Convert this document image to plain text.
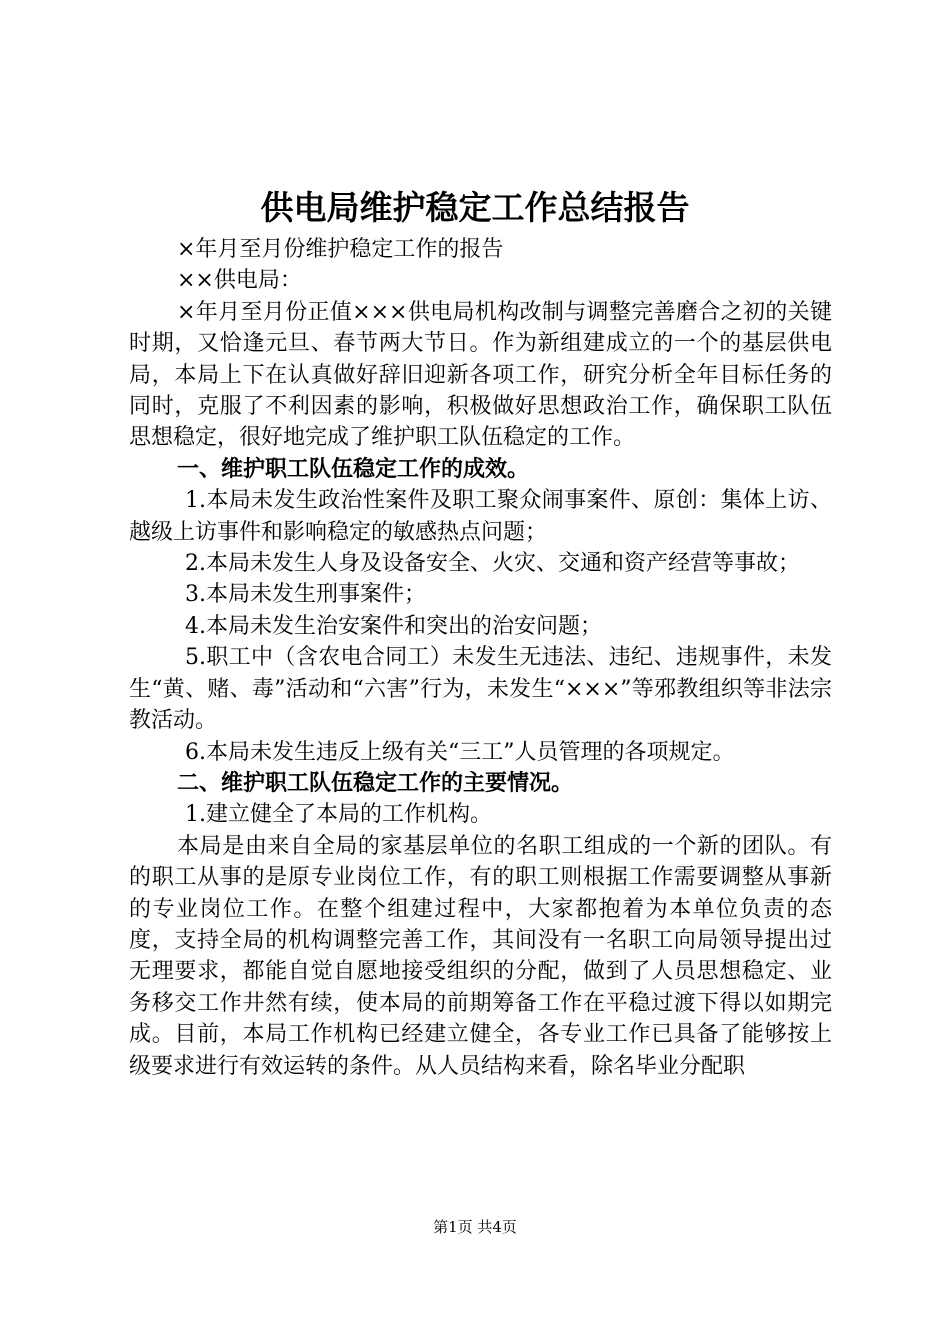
供电局维护稳定工作总结报告

×年月至月份维护稳定工作的报告

××供电局：

×年月至月份正值×××供电局机构改制与调整完善磨合之初的关键时期，又恰逢元旦、春节两大节日。作为新组建成立的一个的基层供电局，本局上下在认真做好辞旧迎新各项工作，研究分析全年目标任务的同时，克服了不利因素的影响，积极做好思想政治工作，确保职工队伍思想稳定，很好地完成了维护职工队伍稳定的工作。

一、维护职工队伍稳定工作的成效。

1.本局未发生政治性案件及职工聚众闹事案件、原创：集体上访、越级上访事件和影响稳定的敏感热点问题；

2.本局未发生人身及设备安全、火灾、交通和资产经营等事故；

3.本局未发生刑事案件；

4.本局未发生治安案件和突出的治安问题；

5.职工中（含农电合同工）未发生无违法、违纪、违规事件，未发生“黄、赌、毒”活动和“六害”行为，未发生“×××”等邪教组织等非法宗教活动。

6.本局未发生违反上级有关“三工”人员管理的各项规定。

二、维护职工队伍稳定工作的主要情况。

1.建立健全了本局的工作机构。

本局是由来自全局的家基层单位的名职工组成的一个新的团队。有的职工从事的是原专业岗位工作，有的职工则根据工作需要调整从事新的专业岗位工作。在整个组建过程中，大家都抱着为本单位负责的态度，支持全局的机构调整完善工作，其间没有一名职工向局领导提出过无理要求，都能自觉自愿地接受组织的分配，做到了人员思想稳定、业务移交工作井然有续，使本局的前期筹备工作在平稳过渡下得以如期完成。目前，本局工作机构已经建立健全，各专业工作已具备了能够按上级要求进行有效运转的条件。从人员结构来看，除名毕业分配职

第1页 共4页
